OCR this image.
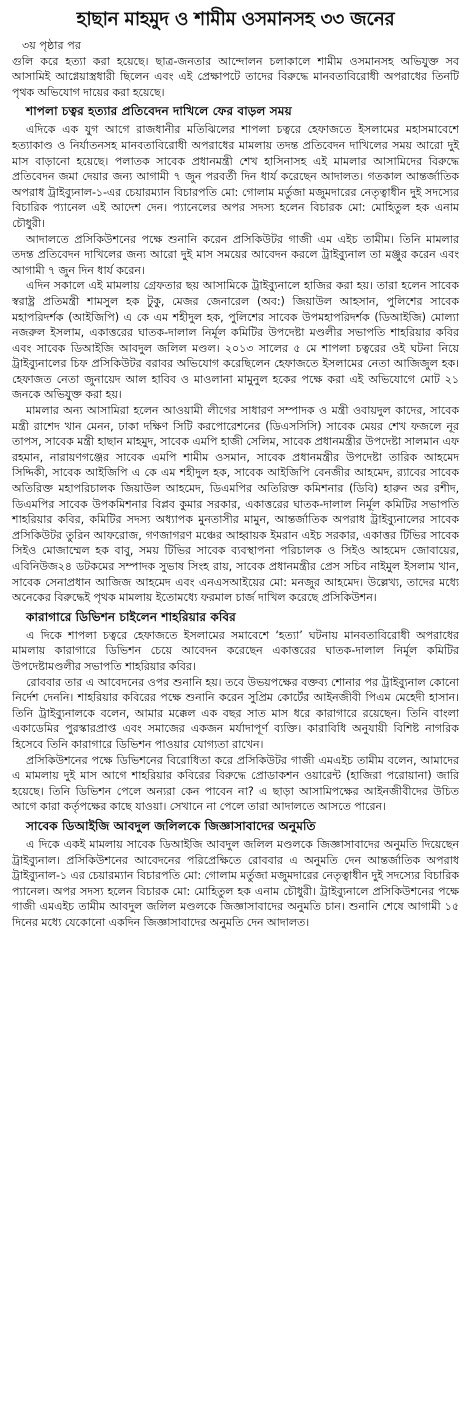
হাছান মাহমুদ ও শামীম ওসমানসহ ৩৩ জনের
৩য় পৃষ্ঠার পর
গুলি করে হত্যা করা হয়েছে। ছাত্র-জনতার আন্দোলন চলাকালে শামীম ওসমানসহ অভিযুক্ত সব আসামিই আগ্নেয়াস্ত্রধারী ছিলেন এবং এই প্রেক্ষাপটে তাদের বিরুদ্ধে মানবতাবিরোধী অপরাধের তিনটি পৃথক অভিযোগ দায়ের করা হয়েছে।
শাপলা চত্বর হত্যার প্রতিবেদন দাখিলে ফের বাড়ল সময়
এদিকে এক যুগ আগে রাজধানীর মতিঝিলের শাপলা চত্বরে হেফাজতে ইসলামের মহাসমাবেশে হত্যাকাণ্ড ও নির্যাতনসহ মানবতাবিরোধী অপরাধের মামলায় তদন্ত প্রতিবেদন দাখিলের সময় আরো দুই মাস বাড়ানো হয়েছে। পলাতক সাবেক প্রধানমন্ত্রী শেখ হাসিনাসহ এই মামলার আসামিদের বিরুদ্ধে প্রতিবেদন জমা দেয়ার জন্য আগামী ৭ জুন পরবর্তী দিন ধার্য করেছেন আদালত। গতকাল আন্তর্জাতিক অপরাধ ট্রাইব্যুনাল-১-এর চেয়ারম্যান বিচারপতি মো: গোলাম মর্তুজা মজুমদারের নেতৃত্বাধীন দুই সদস্যের বিচারিক প্যানেল এই আদেশ দেন। প্যানেলের অপর সদস্য হলেন বিচারক মো: মোহিতুল হক এনাম চৌধুরী।
আদালতে প্রসিকিউশনের পক্ষে শুনানি করেন প্রসিকিউটর গাজী এম এইচ তামীম। তিনি মামলার তদন্ত প্রতিবেদন দাখিলের জন্য আরো দুই মাস সময়ের আবেদন করলে ট্রাইব্যুনাল তা মঞ্জুর করেন এবং আগামী ৭ জুন দিন ধার্য করেন।
এদিন সকালে এই মামলায় গ্রেফতার ছয় আসামিকে ট্রাইব্যুনালে হাজির করা হয়। তারা হলেন সাবেক স্বরাষ্ট্র প্রতিমন্ত্রী শামসুল হক টুকু, মেজর জেনারেল (অব:) জিয়াউল আহসান, পুলিশের সাবেক মহাপরিদর্শক (আইজিপি) এ কে এম শহীদুল হক, পুলিশের সাবেক উপমহাপরিদর্শক (ডিআইজি) মোল্যা নজরুল ইসলাম, একাত্তরের ঘাতক-দালাল নির্মূল কমিটির উপদেষ্টা মণ্ডলীর সভাপতি শাহরিয়ার কবির এবং সাবেক ডিআইজি আবদুল জলিল মণ্ডল। ২০১৩ সালের ৫ মে শাপলা চত্বরের ওই ঘটনা নিয়ে ট্রাইব্যুনালের চিফ প্রসিকিউটর বরাবর অভিযোগ করেছিলেন হেফাজতে ইসলামের নেতা আজিজুল হক। হেফাজত নেতা জুনায়েদ আল হাবিব ও মাওলানা মামুনুল হকের পক্ষে করা এই অভিযোগে মোট ২১ জনকে অভিযুক্ত করা হয়।
মামলার অন্য আসামিরা হলেন আওয়ামী লীগের সাধারণ সম্পাদক ও মন্ত্রী ওবায়দুল কাদের, সাবেক মন্ত্রী রাশেদ খান মেনন, ঢাকা দক্ষিণ সিটি করপোরেশনের (ডিএসসিসি) সাবেক মেয়র শেখ ফজলে নূর তাপস, সাবেক মন্ত্রী হাছান মাহমুদ, সাবেক এমপি হাজী সেলিম, সাবেক প্রধানমন্ত্রীর উপদেষ্টা সালমান এফ রহমান, নারায়ণগঞ্জের সাবেক এমপি শামীম ওসমান, সাবেক প্রধানমন্ত্রীর উপদেষ্টা তারিক আহমেদ সিদ্দিকী, সাবেক আইজিপি এ কে এম শহীদুল হক, সাবেক আইজিপি বেনজীর আহমেদ, র‌্যাবের সাবেক অতিরিক্ত মহাপরিচালক জিয়াউল আহমেদ, ডিএমপির অতিরিক্ত কমিশনার (ডিবি) হারুন অর রশীদ, ডিএমপির সাবেক উপকমিশনার বিপ্লব কুমার সরকার, একাত্তরের ঘাতক-দালাল নির্মূল কমিটির সভাপতি শাহরিয়ার কবির, কমিটির সদস্য অধ্যাপক মুনতাসীর মামুন, আন্তর্জাতিক অপরাধ ট্রাইব্যুনালের সাবেক প্রসিকিউটর তুরিন আফরোজ, গণজাগরণ মঞ্চের আহ্বায়ক ইমরান এইচ সরকার, একাত্তর টিভির সাবেক সিইও মোজাম্মেল হক বাবু, সময় টিভির সাবেক ব্যবস্থাপনা পরিচালক ও সিইও আহমেদ জোবায়ের, এবিনিউজ২৪ ডটকমের সম্পাদক সুভাষ সিংহ রায়, সাবেক প্রধানমন্ত্রীর প্রেস সচিব নাইমুল ইসলাম খান, সাবেক সেনাপ্রধান আজিজ আহমেদ এবং এনএসআইয়ের মো: মনজুর আহমেদ। উল্লেখ্য, তাদের মধ্যে অনেকের বিরুদ্ধেই পৃথক মামলায় ইতোমধ্যে ফরমাল চার্জ দাখিল করেছে প্রসিকিউশন।
কারাগারে ডিভিশন চাইলেন শাহরিয়ার কবির
এ দিকে শাপলা চত্বরে হেফাজতে ইসলামের সমাবেশে ‘হত্যা’ ঘটনায় মানবতাবিরোধী অপরাধের মামলায় কারাগারে ডিভিশন চেয়ে আবেদন করেছেন একাত্তরের ঘাতক-দালাল নির্মূল কমিটির উপদেষ্টামণ্ডলীর সভাপতি শাহরিয়ার কবির।
রোববার তার এ আবেদনের ওপর শুনানি হয়। তবে উভয়পক্ষের বক্তব্য শোনার পর ট্রাইব্যুনাল কোনো নির্দেশ দেননি। শাহরিয়ার কবিরের পক্ষে শুনানি করেন সুপ্রিম কোর্টের আইনজীবী পিএম মেহেদী হাসান। তিনি ট্রাইব্যুনালকে বলেন, আমার মক্কেল এক বছর সাত মাস ধরে কারাগারে রয়েছেন। তিনি বাংলা একাডেমির পুরস্কারপ্রাপ্ত এবং সমাজের একজন মর্যাদাপূর্ণ ব্যক্তি। কারাবিধি অনুযায়ী বিশিষ্ট নাগরিক হিসেবে তিনি কারাগারে ডিভিশন পাওয়ার যোগ্যতা রাখেন।
প্রসিকিউশনের পক্ষে ডিভিশনের বিরোধিতা করে প্রসিকিউটর গাজী এমএইচ তামীম বলেন, আমাদের এ মামলায় দুই মাস আগে শাহরিয়ার কবিরের বিরুদ্ধে প্রোডাকশন ওয়ারেন্ট (হাজিরা পরোয়ানা) জারি হয়েছে। তিনি ডিভিশন পেলে অন্যরা কেন পাবেন না? এ ছাড়া আসামিপক্ষের আইনজীবীদের উচিত আগে কারা কর্তৃপক্ষের কাছে যাওয়া। সেখানে না পেলে তারা আদালতে আসতে পারেন।
সাবেক ডিআইজি আবদুল জলিলকে জিজ্ঞাসাবাদের অনুমতি
এ দিকে একই মামলায় সাবেক ডিআইজি আবদুল জলিল মণ্ডলকে জিজ্ঞাসাবাদের অনুমতি দিয়েছেন ট্রাইব্যুনাল। প্রসিকিউশনের আবেদনের পরিপ্রেক্ষিতে রোববার এ অনুমতি দেন আন্তর্জাতিক অপরাধ ট্রাইব্যুনাল-১ এর চেয়ারম্যান বিচারপতি মো: গোলাম মর্তুজা মজুমদারের নেতৃত্বাধীন দুই সদস্যের বিচারিক প্যানেল। অপর সদস্য হলেন বিচারক মো: মোহিতুল হক এনাম চৌধুরী। ট্রাইব্যুনালে প্রসিকিউশনের পক্ষে গাজী এমএইচ তামীম আবদুল জলিল মণ্ডলকে জিজ্ঞাসাবাদের অনুমতি চান। শুনানি শেষে আগামী ১৫ দিনের মধ্যে যেকোনো একদিন জিজ্ঞাসাবাদের অনুমতি দেন আদালত।
